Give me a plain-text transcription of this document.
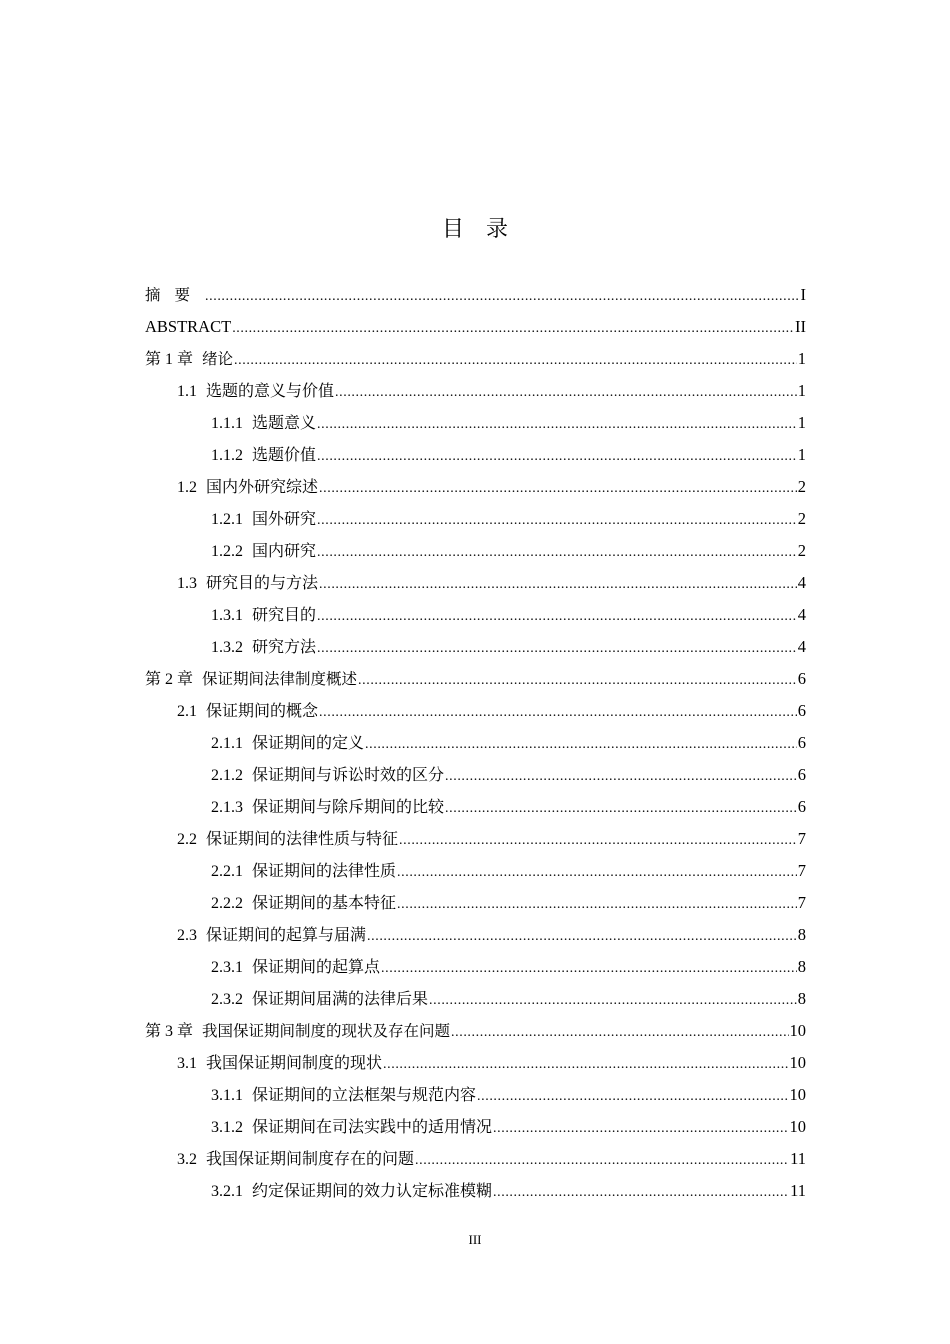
目录
摘要 .....	I
ABSTRACT .....	II
第 1 章 绪论 .....	1
1.1 选题的意义与价值 .....	1
1.1.1 选题意义 .....	1
1.1.2 选题价值 .....	1
1.2 国内外研究综述 .....	2
1.2.1 国外研究 .....	2
1.2.2 国内研究 .....	2
1.3 研究目的与方法 .....	4
1.3.1 研究目的 .....	4
1.3.2 研究方法 .....	4
第 2 章 保证期间法律制度概述 .....	6
2.1 保证期间的概念 .....	6
2.1.1 保证期间的定义 .....	6
2.1.2 保证期间与诉讼时效的区分 .....	6
2.1.3 保证期间与除斥期间的比较 .....	6
2.2 保证期间的法律性质与特征 .....	7
2.2.1 保证期间的法律性质 .....	7
2.2.2 保证期间的基本特征 .....	7
2.3 保证期间的起算与届满 .....	8
2.3.1 保证期间的起算点 .....	8
2.3.2 保证期间届满的法律后果 .....	8
第 3 章 我国保证期间制度的现状及存在问题 .....	10
3.1 我国保证期间制度的现状 .....	10
3.1.1 保证期间的立法框架与规范内容 .....	10
3.1.2 保证期间在司法实践中的适用情况 .....	10
3.2 我国保证期间制度存在的问题 .....	11
3.2.1 约定保证期间的效力认定标准模糊 .....	11
III
